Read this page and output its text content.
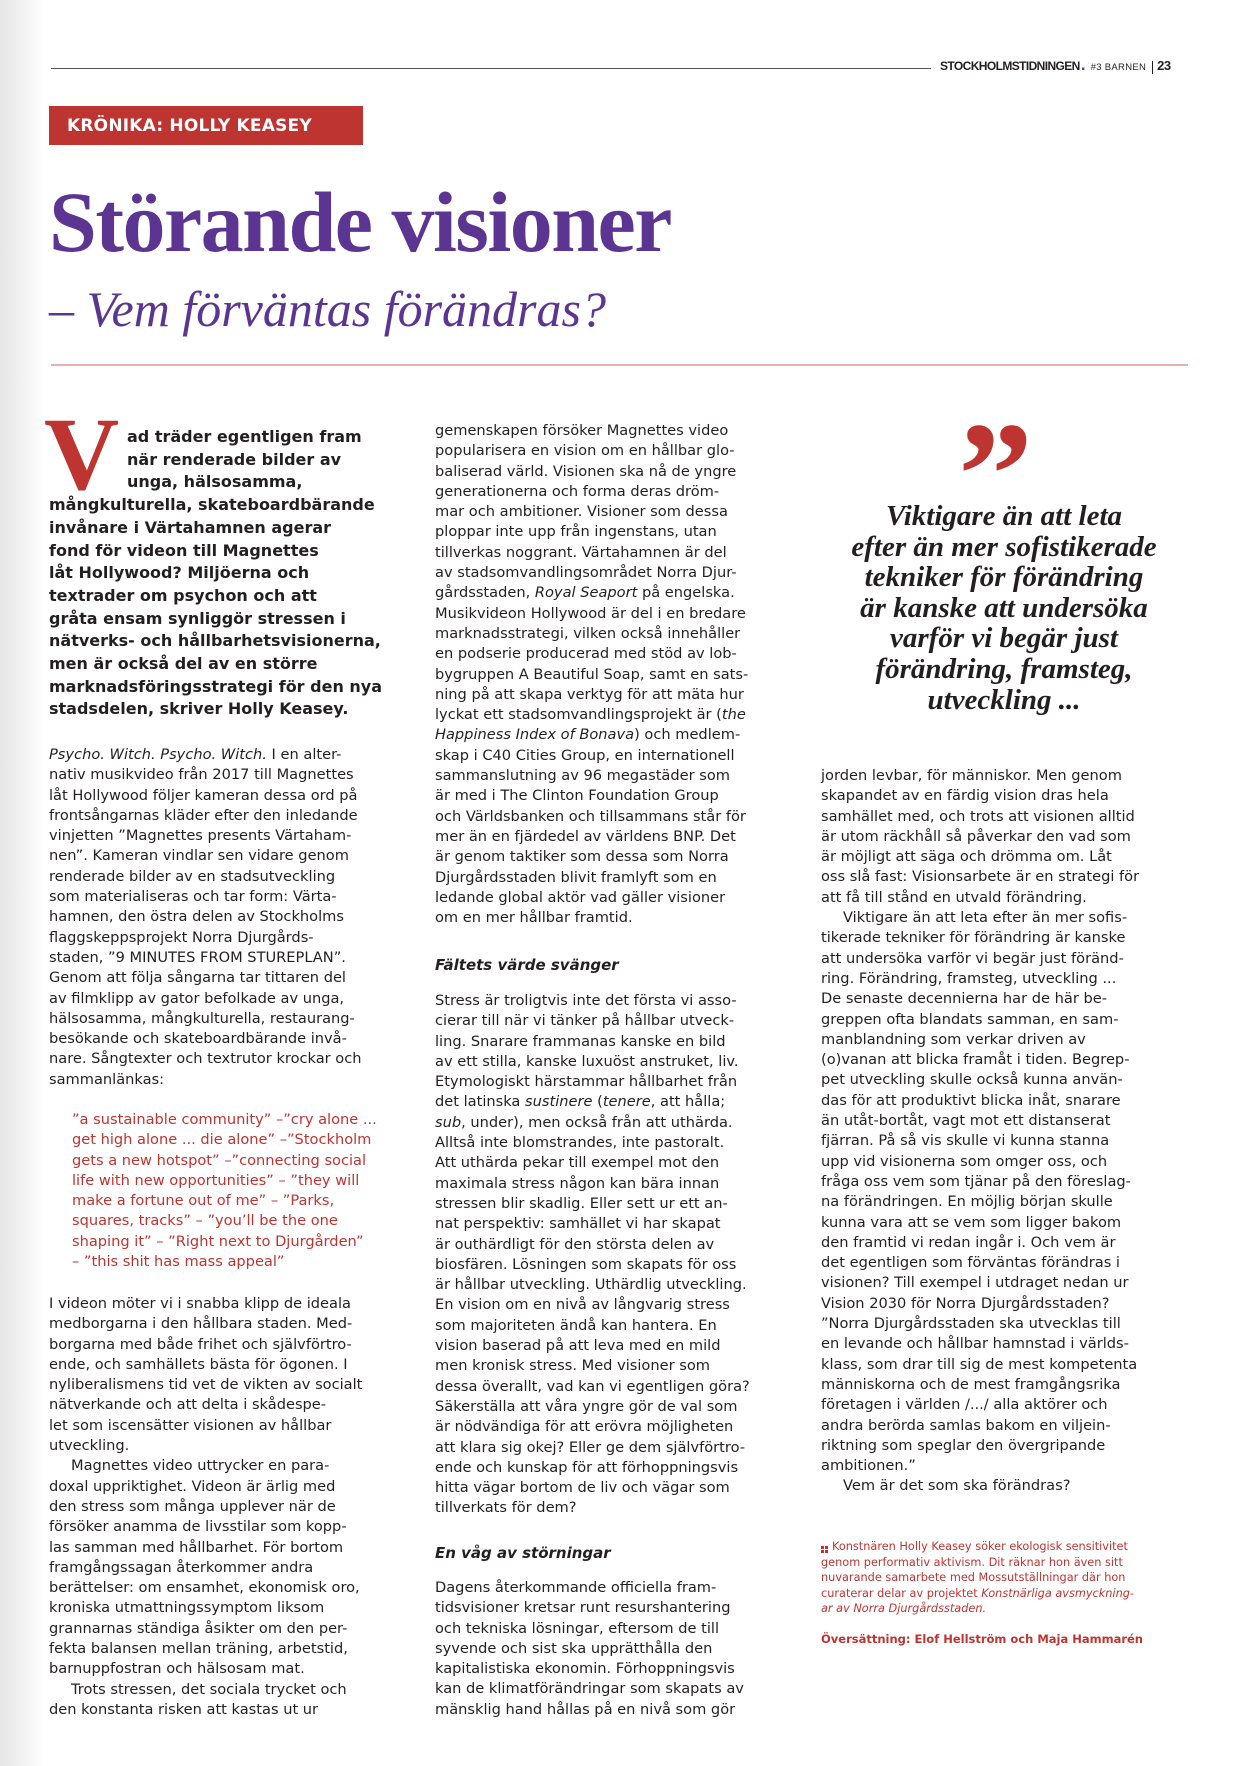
STOCKHOLMSTIDNINGEN . #3 BARNEN 23
KRÖNIKA: HOLLY KEASEY
Störande visioner
– Vem förväntas förändras?
V ad träder egentligen fram
när renderade bilder av
unga, hälsosamma,
mångkulturella, skateboardbärande
invånare i Värtahamnen agerar
fond för videon till Magnettes
låt Hollywood? Miljöerna och
textrader om psychon och att
gråta ensam synliggör stressen i
nätverks- och hållbarhetsvisionerna,
men är också del av en större
marknadsföringsstrategi för den nya
stadsdelen, skriver Holly Keasey.
Psycho. Witch. Psycho. Witch. I en alter-
nativ musikvideo från 2017 till Magnettes
låt Hollywood följer kameran dessa ord på
frontsångarnas kläder efter den inledande
vinjetten ”Magnettes presents Värtaham-
nen”. Kameran vindlar sen vidare genom
renderade bilder av en stadsutveckling
som materialiseras och tar form: Värta-
hamnen, den östra delen av Stockholms
flaggskeppsprojekt Norra Djurgårds-
staden, ”9 MINUTES FROM STUREPLAN”.
Genom att följa sångarna tar tittaren del
av filmklipp av gator befolkade av unga,
hälsosamma, mångkulturella, restaurang-
besökande och skateboardbärande invå-
nare. Sångtexter och textrutor krockar och
sammanlänkas:
”a sustainable community” –”cry alone ...
get high alone ... die alone” –”Stockholm
gets a new hotspot” –”connecting social
life with new opportunities” – ”they will
make a fortune out of me” – ”Parks,
squares, tracks” – ”you’ll be the one
shaping it” – ”Right next to Djurgården”
– ”this shit has mass appeal”
I videon möter vi i snabba klipp de ideala
medborgarna i den hållbara staden. Med-
borgarna med både frihet och självförtro-
ende, och samhällets bästa för ögonen. I
nyliberalismens tid vet de vikten av socialt
nätverkande och att delta i skådespe-
let som iscensätter visionen av hållbar
utveckling.
Magnettes video uttrycker en para-
doxal uppriktighet. Videon är ärlig med
den stress som många upplever när de
försöker anamma de livsstilar som kopp-
las samman med hållbarhet. För bortom
framgångssagan återkommer andra
berättelser: om ensamhet, ekonomisk oro,
kroniska utmattningssymptom liksom
grannarnas ständiga åsikter om den per-
fekta balansen mellan träning, arbetstid,
barnuppfostran och hälsosam mat.
Trots stressen, det sociala trycket och
den konstanta risken att kastas ut ur
gemenskapen försöker Magnettes video
popularisera en vision om en hållbar glo-
baliserad värld. Visionen ska nå de yngre
generationerna och forma deras dröm-
mar och ambitioner. Visioner som dessa
ploppar inte upp från ingenstans, utan
tillverkas noggrant. Värtahamnen är del
av stadsomvandlingsområdet Norra Djur-
gårdsstaden, Royal Seaport på engelska.
Musikvideon Hollywood är del i en bredare
marknadsstrategi, vilken också innehåller
en podserie producerad med stöd av lob-
bygruppen A Beautiful Soap, samt en sats-
ning på att skapa verktyg för att mäta hur
lyckat ett stadsomvandlingsprojekt är (the
Happiness Index of Bonava) och medlem-
skap i C40 Cities Group, en internationell
sammanslutning av 96 megastäder som
är med i The Clinton Foundation Group
och Världsbanken och tillsammans står för
mer än en fjärdedel av världens BNP. Det
är genom taktiker som dessa som Norra
Djurgårdsstaden blivit framlyft som en
ledande global aktör vad gäller visioner
om en mer hållbar framtid.
Fältets värde svänger
Stress är troligtvis inte det första vi asso-
cierar till när vi tänker på hållbar utveck-
ling. Snarare frammanas kanske en bild
av ett stilla, kanske luxuöst anstruket, liv.
Etymologiskt härstammar hållbarhet från
det latinska sustinere (tenere, att hålla;
sub, under), men också från att uthärda.
Alltså inte blomstrandes, inte pastoralt.
Att uthärda pekar till exempel mot den
maximala stress någon kan bära innan
stressen blir skadlig. Eller sett ur ett an-
nat perspektiv: samhället vi har skapat
är outhärdligt för den största delen av
biosfären. Lösningen som skapats för oss
är hållbar utveckling. Uthärdlig utveckling.
En vision om en nivå av långvarig stress
som majoriteten ändå kan hantera. En
vision baserad på att leva med en mild
men kronisk stress. Med visioner som
dessa överallt, vad kan vi egentligen göra?
Säkerställa att våra yngre gör de val som
är nödvändiga för att erövra möjligheten
att klara sig okej? Eller ge dem självförtro-
ende och kunskap för att förhoppningsvis
hitta vägar bortom de liv och vägar som
tillverkats för dem?
En våg av störningar
Dagens återkommande officiella fram-
tidsvisioner kretsar runt resurshantering
och tekniska lösningar, eftersom de till
syvende och sist ska upprätthålla den
kapitalistiska ekonomin. Förhoppningsvis
kan de klimatförändringar som skapats av
mänsklig hand hållas på en nivå som gör
Viktigare än att leta
efter än mer sofistikerade
tekniker för förändring
är kanske att undersöka
varför vi begär just
förändring, framsteg,
utveckling ...
jorden levbar, för människor. Men genom
skapandet av en färdig vision dras hela
samhället med, och trots att visionen alltid
är utom räckhåll så påverkar den vad som
är möjligt att säga och drömma om. Låt
oss slå fast: Visionsarbete är en strategi för
att få till stånd en utvald förändring.
Viktigare än att leta efter än mer sofis-
tikerade tekniker för förändring är kanske
att undersöka varför vi begär just föränd-
ring. Förändring, framsteg, utveckling ...
De senaste decennierna har de här be-
greppen ofta blandats samman, en sam-
manblandning som verkar driven av
(o)vanan att blicka framåt i tiden. Begrep-
pet utveckling skulle också kunna använ-
das för att produktivt blicka inåt, snarare
än utåt-bortåt, vagt mot ett distanserat
fjärran. På så vis skulle vi kunna stanna
upp vid visionerna som omger oss, och
fråga oss vem som tjänar på den föreslag-
na förändringen. En möjlig början skulle
kunna vara att se vem som ligger bakom
den framtid vi redan ingår i. Och vem är
det egentligen som förväntas förändras i
visionen? Till exempel i utdraget nedan ur
Vision 2030 för Norra Djurgårdsstaden?
”Norra Djurgårdsstaden ska utvecklas till
en levande och hållbar hamnstad i världs-
klass, som drar till sig de mest kompetenta
människorna och de mest framgångsrika
företagen i världen /.../ alla aktörer och
andra berörda samlas bakom en viljein-
riktning som speglar den övergripande
ambitionen.”
Vem är det som ska förändras?
Konstnären Holly Keasey söker ekologisk sensitivitet
genom performativ aktivism. Dit räknar hon även sitt
nuvarande samarbete med Mossutställningar där hon
curaterar delar av projektet Konstnärliga avsmyckning-
ar av Norra Djurgårdsstaden.
Översättning: Elof Hellström och Maja Hammarén
